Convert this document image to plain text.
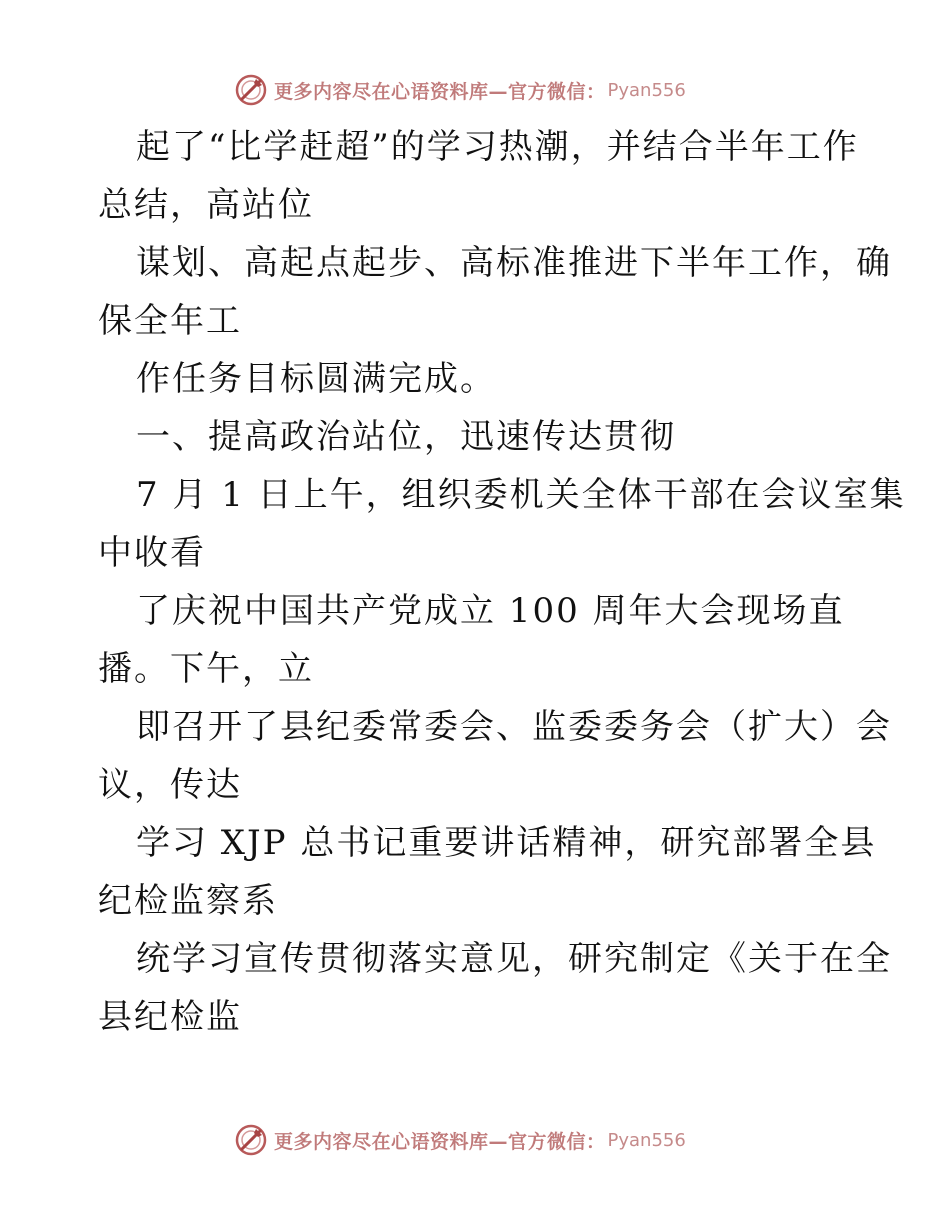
更多内容尽在心语资料库—官方微信： Pyan556
起了“比学赶超”的学习热潮，并结合半年工作
总结，高站位
谋划、高起点起步、高标准推进下半年工作，确
保全年工
作任务目标圆满完成。
一、提高政治站位，迅速传达贯彻
7 月 1 日上午，组织委机关全体干部在会议室集
中收看
了庆祝中国共产党成立 100 周年大会现场直
播。下午，立
即召开了县纪委常委会、监委委务会（扩大）会
议，传达
学习 XJP 总书记重要讲话精神，研究部署全县
纪检监察系
统学习宣传贯彻落实意见，研究制定《关于在全
县纪检监
更多内容尽在心语资料库—官方微信： Pyan556
